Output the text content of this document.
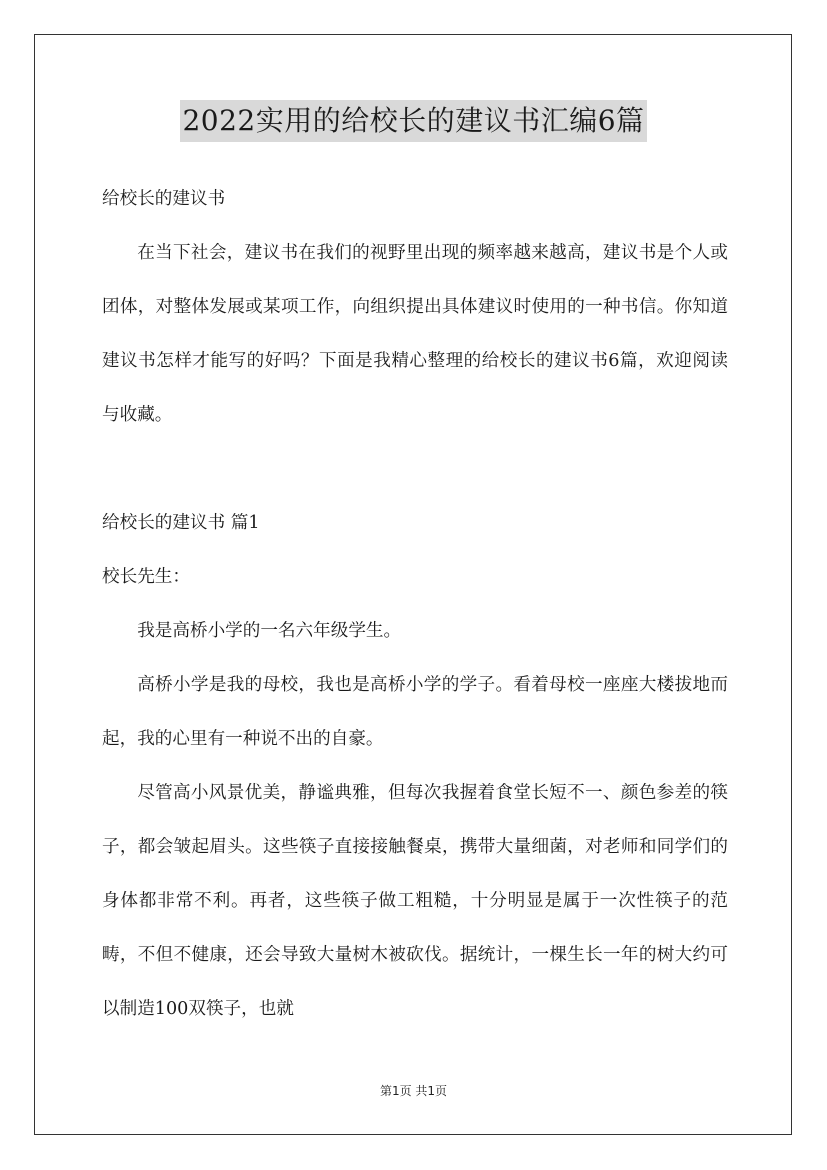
2022实用的给校长的建议书汇编6篇

给校长的建议书

在当下社会，建议书在我们的视野里出现的频率越来越高，建议书是个人或团体，对整体发展或某项工作，向组织提出具体建议时使用的一种书信。你知道建议书怎样才能写的好吗？下面是我精心整理的给校长的建议书6篇，欢迎阅读与收藏。

给校长的建议书 篇1

校长先生：

我是高桥小学的一名六年级学生。

高桥小学是我的母校，我也是高桥小学的学子。看着母校一座座大楼拔地而起，我的心里有一种说不出的自豪。

尽管高小风景优美，静谧典雅，但每次我握着食堂长短不一、颜色参差的筷子，都会皱起眉头。这些筷子直接接触餐桌，携带大量细菌，对老师和同学们的身体都非常不利。再者，这些筷子做工粗糙，十分明显是属于一次性筷子的范畴，不但不健康，还会导致大量树木被砍伐。据统计，一棵生长一年的树大约可以制造100双筷子，也就

第1页 共1页
